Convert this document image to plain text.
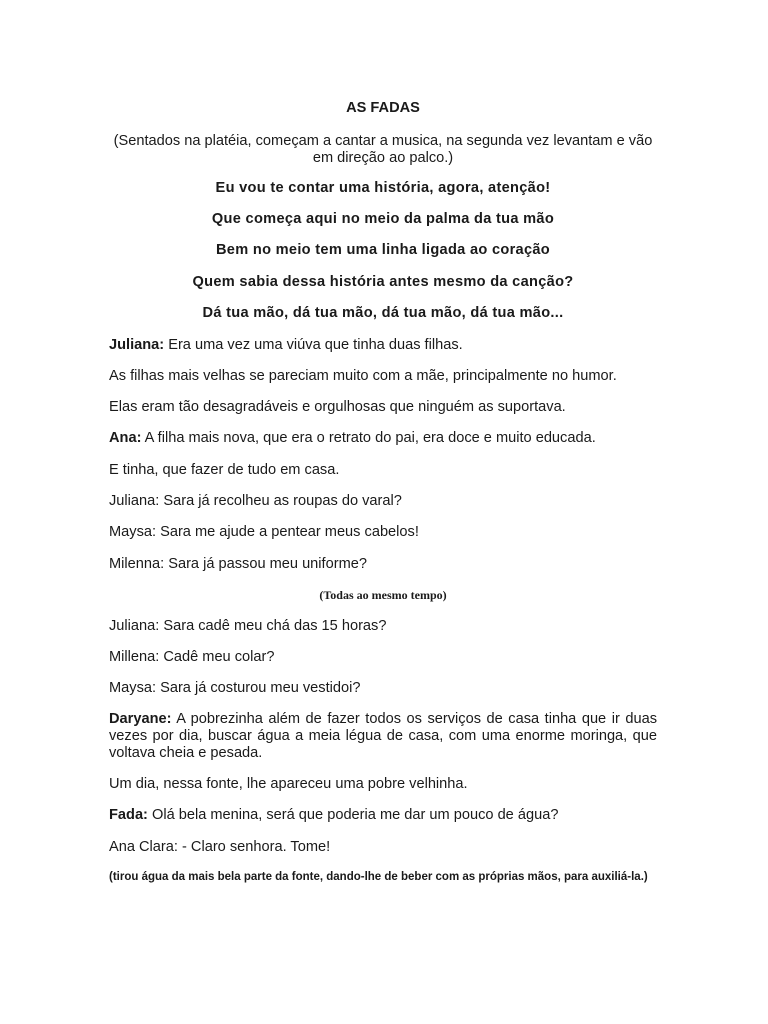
AS FADAS
(Sentados na platéia, começam a cantar a musica, na segunda vez levantam e vão em direção ao palco.)
Eu vou te contar uma história, agora, atenção!
Que começa aqui no meio da palma da tua mão
Bem no meio tem uma linha ligada ao coração
Quem sabia dessa história antes mesmo da canção?
Dá tua mão, dá tua mão, dá tua mão, dá tua mão...
Juliana: Era uma vez uma viúva que tinha duas filhas.
As filhas mais velhas se pareciam muito com a mãe, principalmente no humor.
Elas eram tão desagradáveis e orgulhosas que ninguém as suportava.
Ana: A filha mais nova, que era o retrato do pai, era doce e muito educada.
E tinha, que fazer de tudo em casa.
Juliana: Sara já recolheu as roupas do varal?
Maysa: Sara me ajude a pentear meus cabelos!
Milenna: Sara já passou meu uniforme?
(Todas ao mesmo tempo)
Juliana: Sara cadê meu chá das 15 horas?
Millena: Cadê meu colar?
Maysa: Sara já costurou meu vestidoi?
Daryane: A pobrezinha além de fazer todos os serviços de casa tinha que ir duas vezes por dia, buscar água a meia légua de casa, com uma enorme moringa, que voltava cheia e pesada.
Um dia, nessa fonte, lhe apareceu uma pobre velhinha.
Fada: Olá bela menina, será que poderia me dar um pouco de água?
Ana Clara: - Claro senhora. Tome!
(tirou água da mais bela parte da fonte, dando-lhe de beber com as próprias mãos, para auxiliá-la.)
